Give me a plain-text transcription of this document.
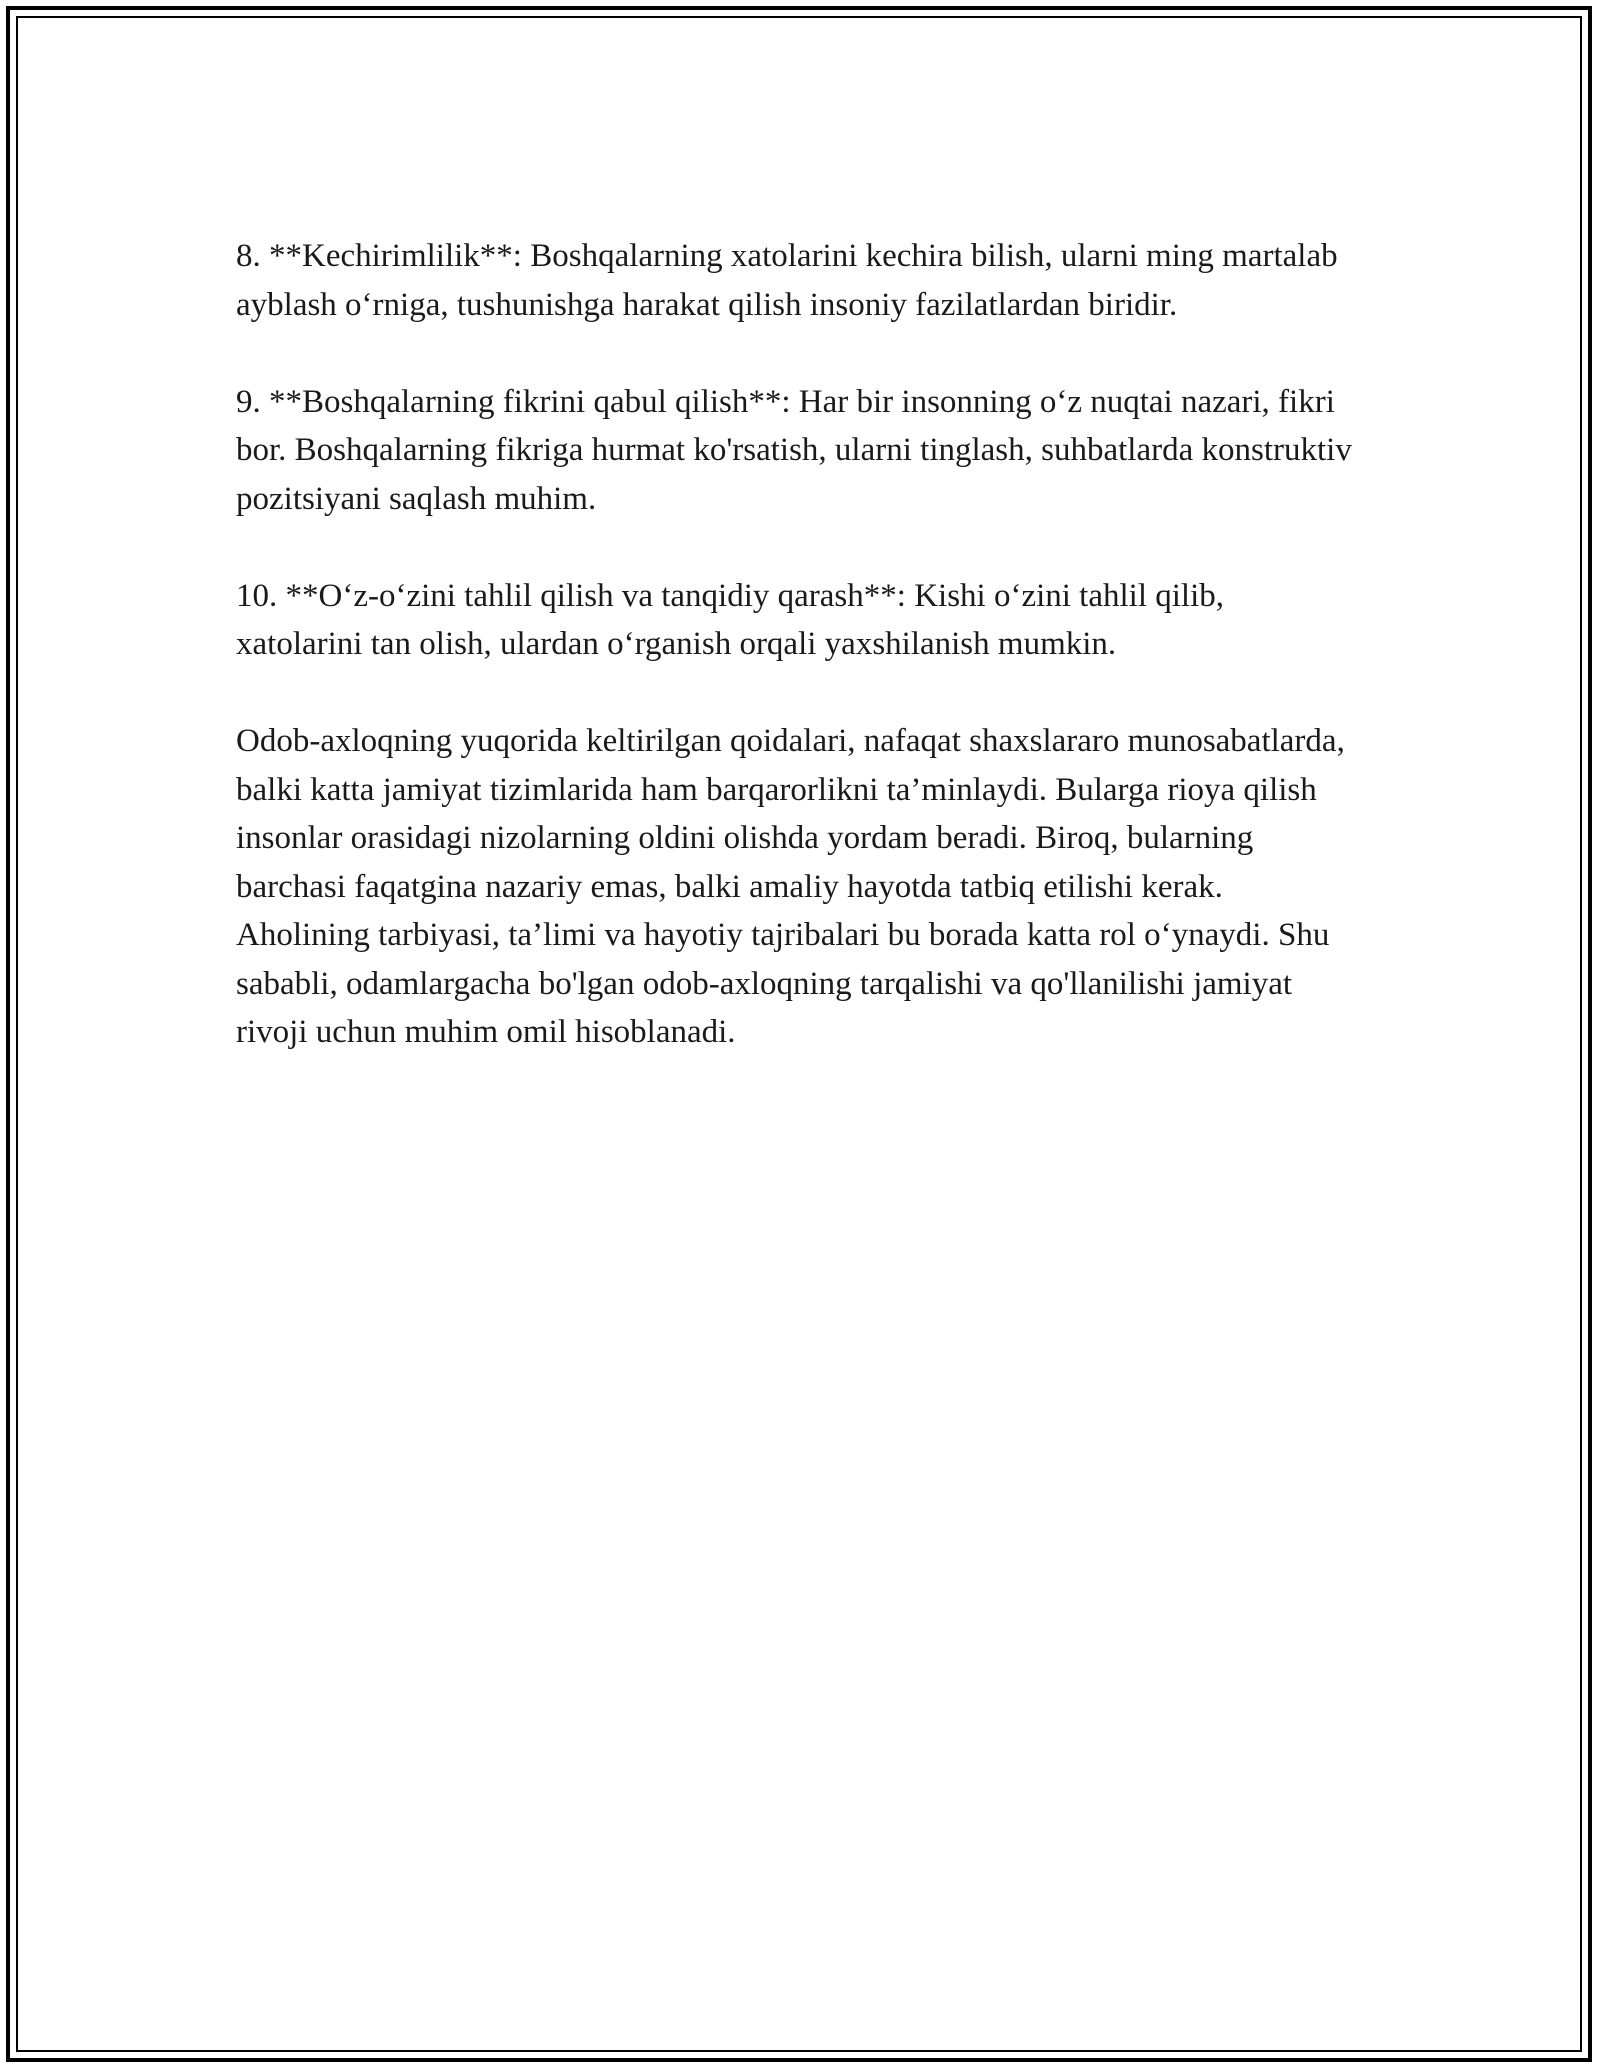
8. **Kechirimlilik**: Boshqalarning xatolarini kechira bilish, ularni ming martalab ayblash o‘rniga, tushunishga harakat qilish insoniy fazilatlardan biridir.

9. **Boshqalarning fikrini qabul qilish**: Har bir insonning o‘z nuqtai nazari, fikri bor. Boshqalarning fikriga hurmat ko'rsatish, ularni tinglash, suhbatlarda konstruktiv pozitsiyani saqlash muhim.

10. **O‘z-o‘zini tahlil qilish va tanqidiy qarash**: Kishi o‘zini tahlil qilib, xatolarini tan olish, ulardan o‘rganish orqali yaxshilanish mumkin.

Odob-axloqning yuqorida keltirilgan qoidalari, nafaqat shaxslararo munosabatlarda, balki katta jamiyat tizimlarida ham barqarorlikni ta’minlaydi. Bularga rioya qilish insonlar orasidagi nizolarning oldini olishda yordam beradi. Biroq, bularning barchasi faqatgina nazariy emas, balki amaliy hayotda tatbiq etilishi kerak. Aholining tarbiyasi, ta’limi va hayotiy tajribalari bu borada katta rol o‘ynaydi. Shu sababli, odamlargacha bo'lgan odob-axloqning tarqalishi va qo'llanilishi jamiyat rivoji uchun muhim omil hisoblanadi.
